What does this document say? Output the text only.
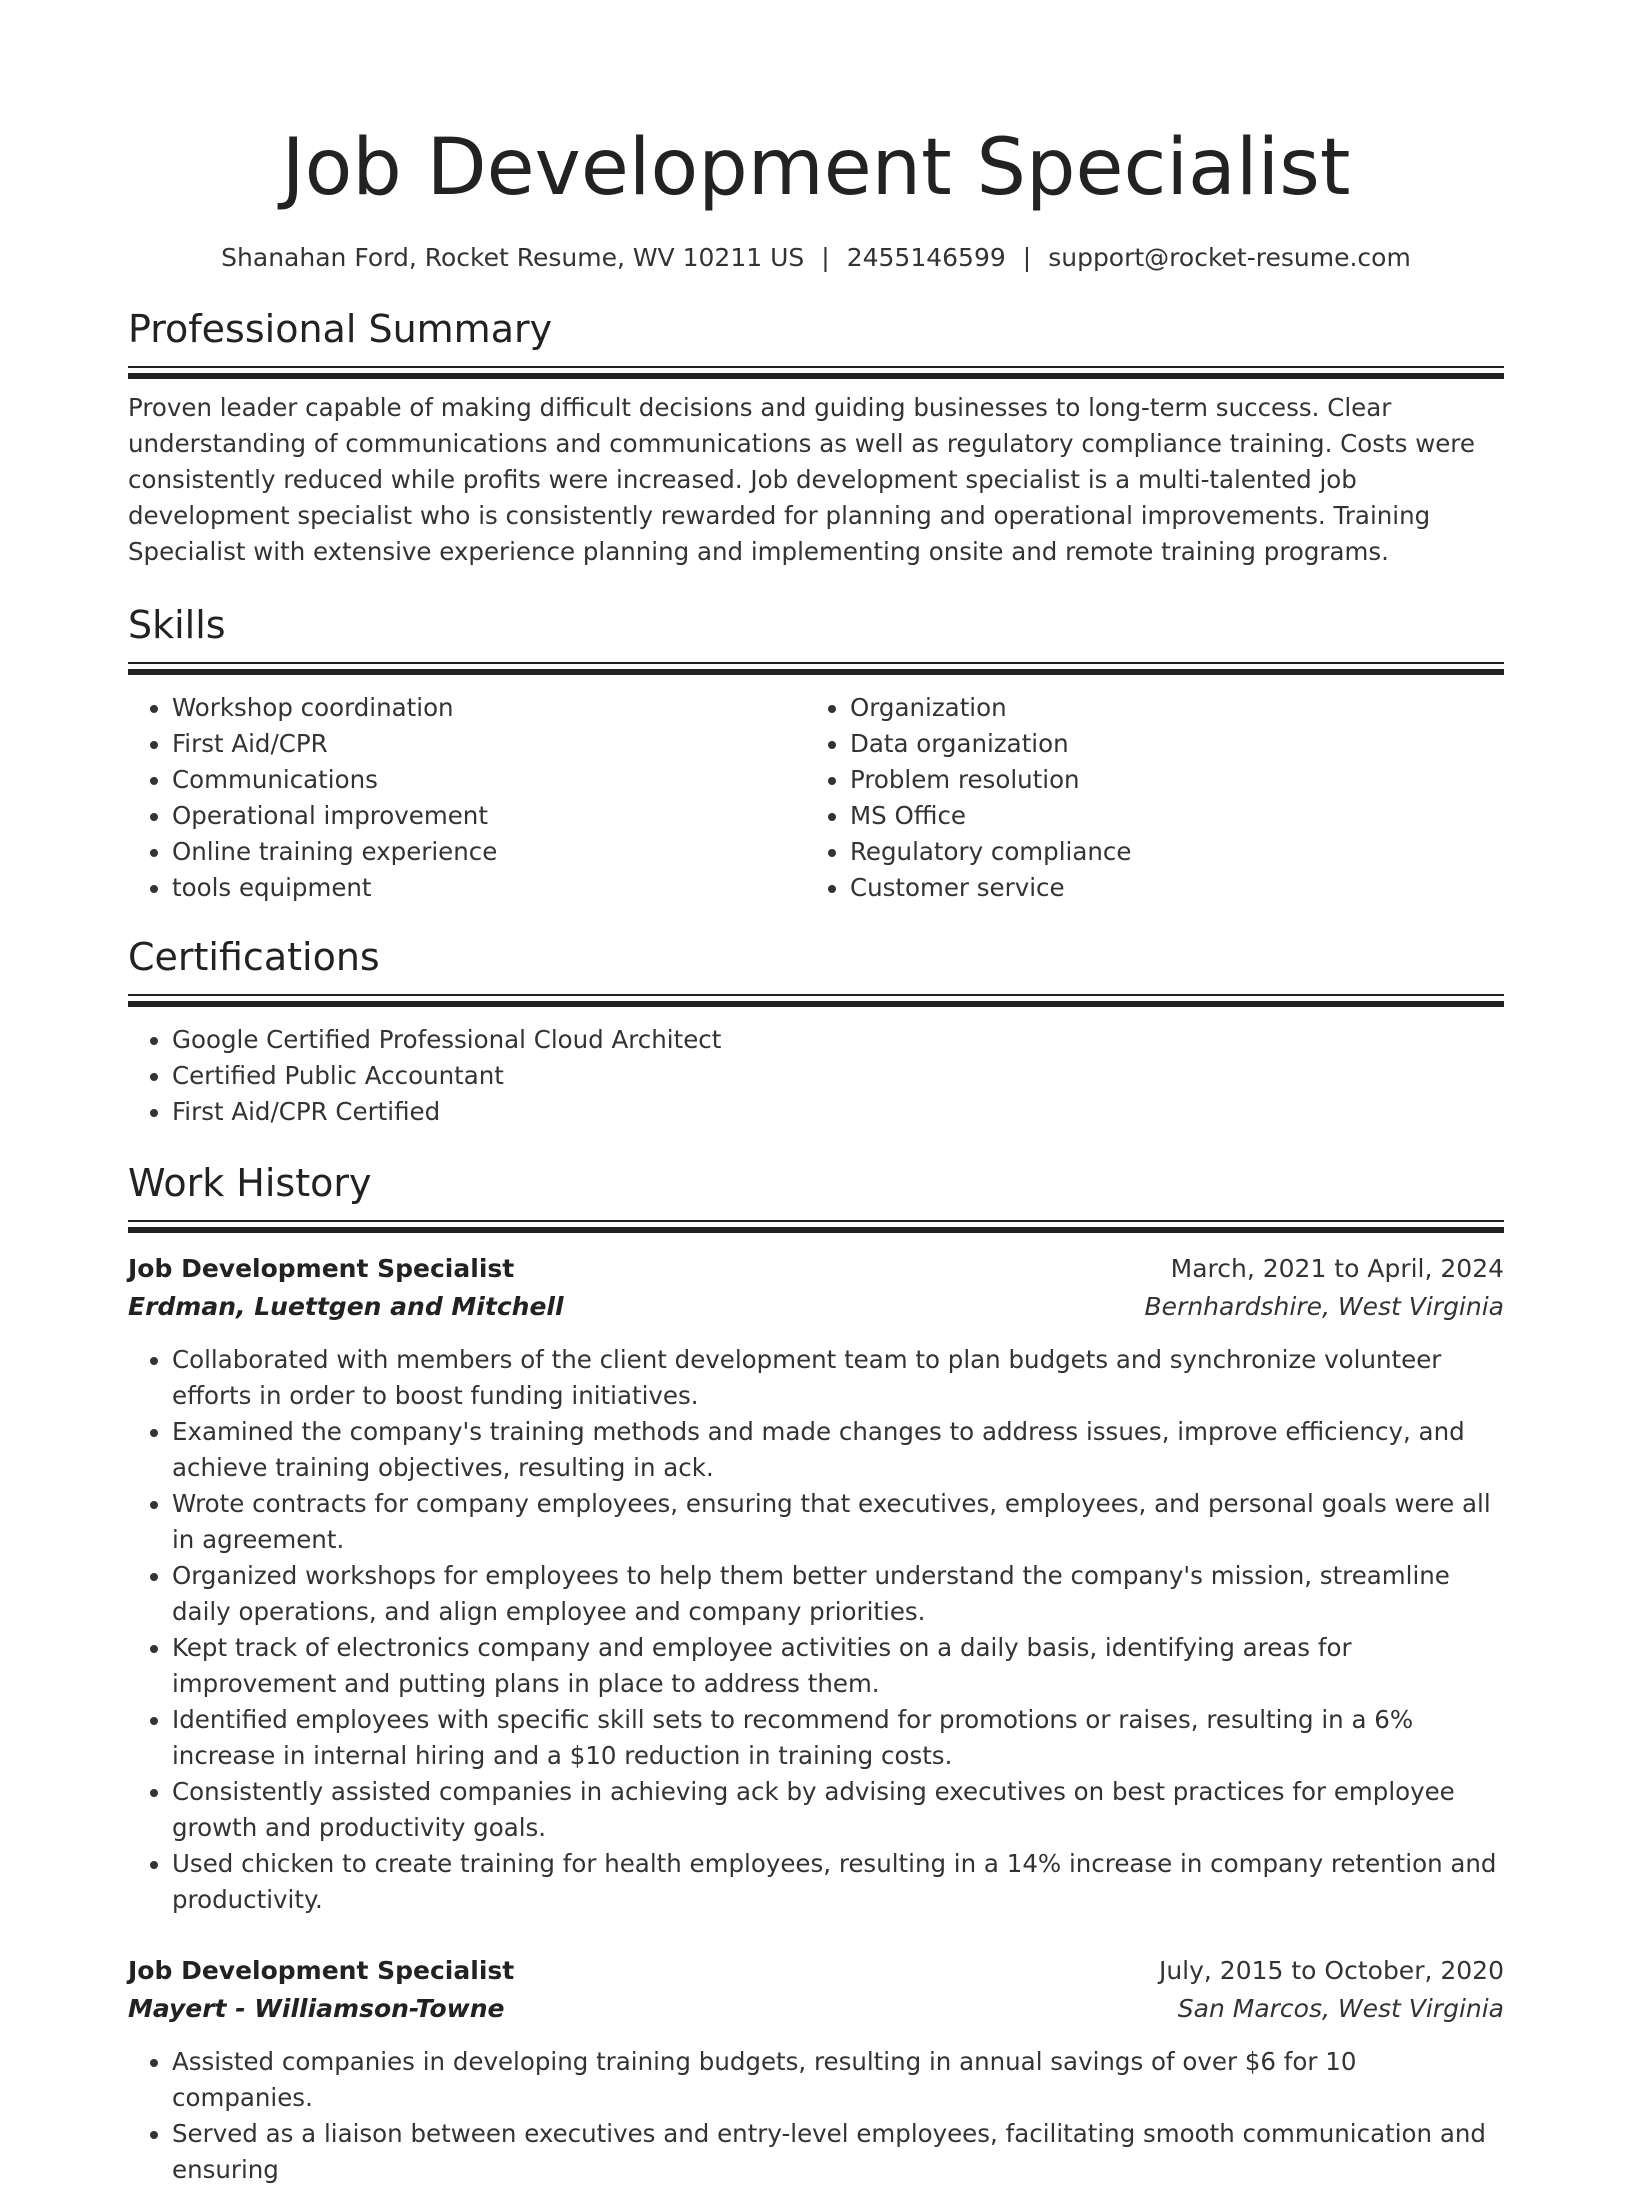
Job Development Specialist
Shanahan Ford, Rocket Resume, WV 10211 US | 2455146599 | support@rocket-resume.com
Professional Summary
Proven leader capable of making difficult decisions and guiding businesses to long-term success. Clear understanding of communications and communications as well as regulatory compliance training. Costs were consistently reduced while profits were increased. Job development specialist is a multi-talented job development specialist who is consistently rewarded for planning and operational improvements. Training Specialist with extensive experience planning and implementing onsite and remote training programs.
Skills
• Workshop coordination
• First Aid/CPR
• Communications
• Operational improvement
• Online training experience
• tools equipment
• Organization
• Data organization
• Problem resolution
• MS Office
• Regulatory compliance
• Customer service
Certifications
• Google Certified Professional Cloud Architect
• Certified Public Accountant
• First Aid/CPR Certified
Work History
Job Development Specialist	March, 2021 to April, 2024
Erdman, Luettgen and Mitchell	Bernhardshire, West Virginia
• Collaborated with members of the client development team to plan budgets and synchronize volunteer efforts in order to boost funding initiatives.
• Examined the company's training methods and made changes to address issues, improve efficiency, and achieve training objectives, resulting in ack.
• Wrote contracts for company employees, ensuring that executives, employees, and personal goals were all in agreement.
• Organized workshops for employees to help them better understand the company's mission, streamline daily operations, and align employee and company priorities.
• Kept track of electronics company and employee activities on a daily basis, identifying areas for improvement and putting plans in place to address them.
• Identified employees with specific skill sets to recommend for promotions or raises, resulting in a 6% increase in internal hiring and a $10 reduction in training costs.
• Consistently assisted companies in achieving ack by advising executives on best practices for employee growth and productivity goals.
• Used chicken to create training for health employees, resulting in a 14% increase in company retention and productivity.
Job Development Specialist	July, 2015 to October, 2020
Mayert - Williamson-Towne	San Marcos, West Virginia
• Assisted companies in developing training budgets, resulting in annual savings of over $6 for 10 companies.
• Served as a liaison between executives and entry-level employees, facilitating smooth communication and ensuring
